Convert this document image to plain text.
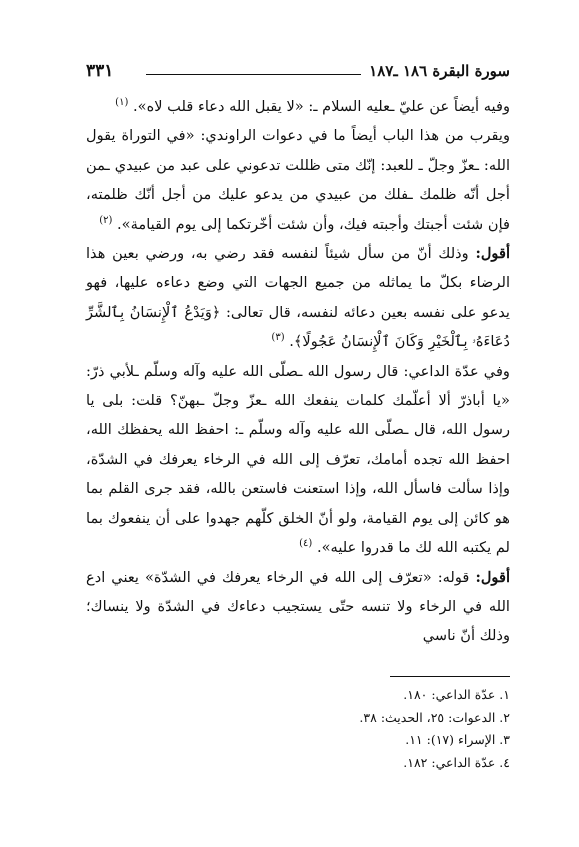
سورة البقرة ١٨٦ ـ١٨٧
٣٣١

وفيه أيضاً عن عليّ ـعليه السلام ـ: «لا يقبل الله دعاء قلب لاه». $^{(١)}$

ويقرب من هذا الباب أيضاً ما في دعوات الراوندي: «في التوراة يقول الله: ـعزّ وجلّ ـ للعبد: إنّك متى ظللت تدعوني على عبد من عبيدي ـمن أجل أنّه ظلمك ـفلك من عبيدي من يدعو عليك من أجل أنّك ظلمته، فإن شئت أجبتك وأجبته فيك، وأن شئت أخّرتكما إلى يوم القيامة». $^{(٢)}$

أقول: وذلك أنّ من سأل شيئاً لنفسه فقد رضي به، ورضي بعين هذا الرضاء بكلّ ما يماثله من جميع الجهات التي وضع دعاءه عليها، فهو يدعو على نفسه بعين دعائه لنفسه، قال تعالى: ﴿وَيَدْعُ ٱلْإِنسَانُ بِٱلشَّرِّ دُعَاءَهُۥ بِٱلْخَيْرِ وَكَانَ ٱلْإِنسَانُ عَجُولًا﴾. $^{(٣)}$

وفي عدّة الداعي: قال رسول الله ـصلّى الله عليه وآله وسلّم ـلأبي ذرّ: «يا أباذرّ ألا أعلّمك كلمات ينفعك الله ـعزّ وجلّ ـبهنّ؟ قلت: بلى يا رسول الله، قال ـصلّى الله عليه وآله وسلّم ـ: احفظ الله يحفظك الله، احفظ الله تجده أمامك، تعرّف إلى الله في الرخاء يعرفك في الشدّة، وإذا سألت فاسأل الله، وإذا استعنت فاستعن بالله، فقد جرى القلم بما هو كائن إلى يوم القيامة، ولو أنّ الخلق كلّهم جهدوا على أن ينفعوك بما لم يكتبه الله لك ما قدروا عليه». $^{(٤)}$

أقول: قوله: «تعرّف إلى الله في الرخاء يعرفك في الشدّة» يعني ادع الله في الرخاء ولا تنسه حتّى يستجيب دعاءك في الشدّة ولا ينساك؛ وذلك أنّ ناسي

١. عدّة الداعي: ١٨٠.
٢. الدعوات: ٢٥، الحديث: ٣٨.
٣. الإسراء (١٧): ١١.
٤. عدّة الداعي: ١٨٢.
